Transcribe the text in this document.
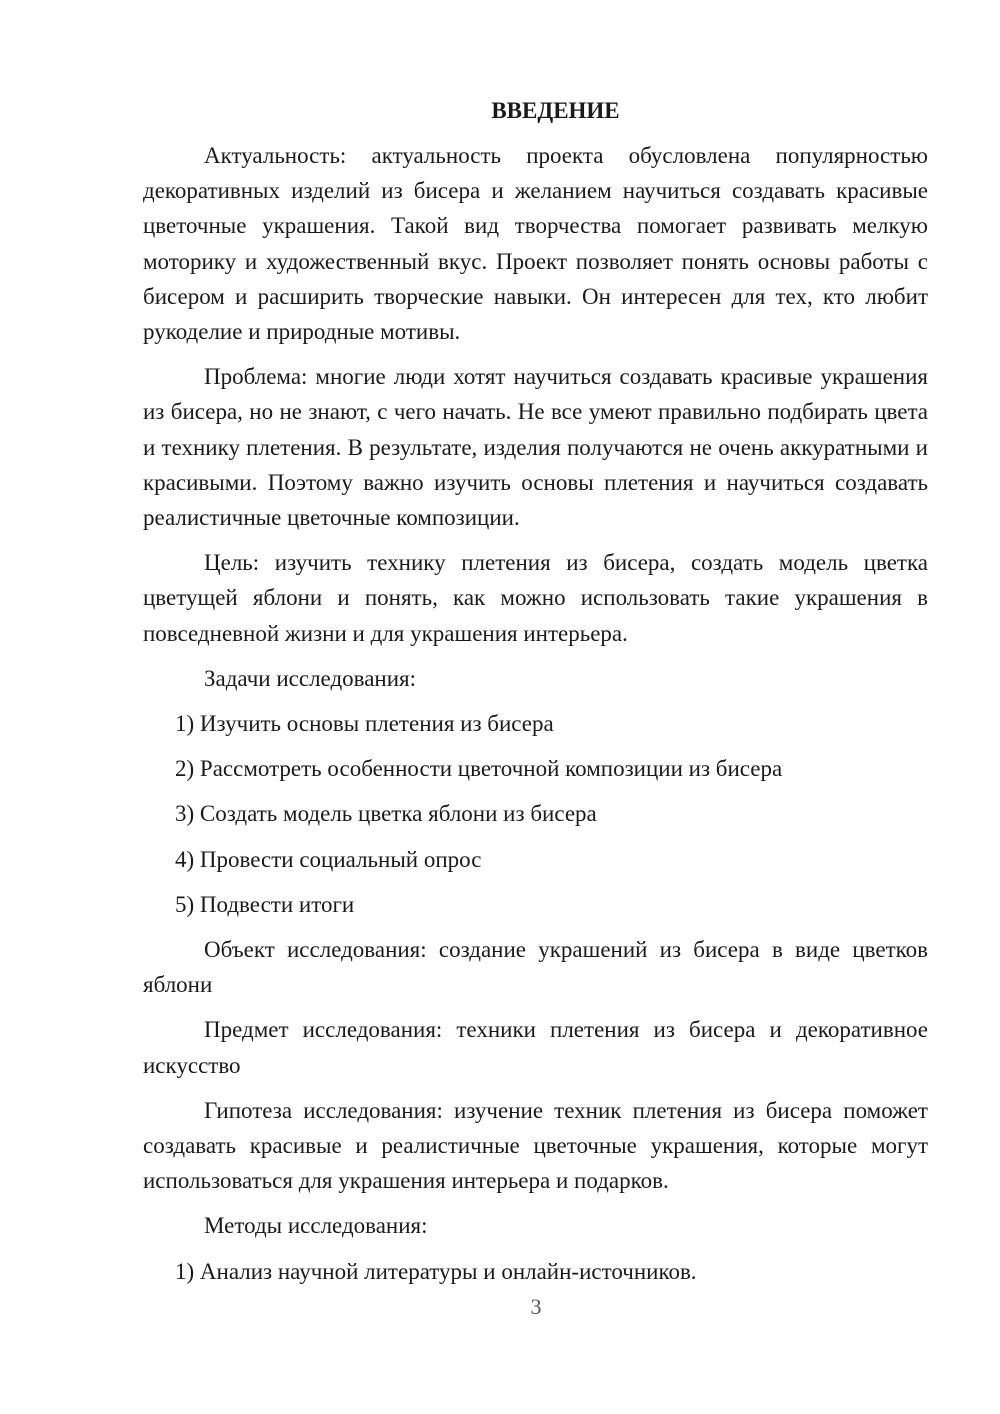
ВВЕДЕНИЕ

Актуальность: актуальность проекта обусловлена популярностью декоративных изделий из бисера и желанием научиться создавать красивые цветочные украшения. Такой вид творчества помогает развивать мелкую моторику и художественный вкус. Проект позволяет понять основы работы с бисером и расширить творческие навыки. Он интересен для тех, кто любит рукоделие и природные мотивы.

Проблема: многие люди хотят научиться создавать красивые украшения из бисера, но не знают, с чего начать. Не все умеют правильно подбирать цвета и технику плетения. В результате, изделия получаются не очень аккуратными и красивыми. Поэтому важно изучить основы плетения и научиться создавать реалистичные цветочные композиции.

Цель: изучить технику плетения из бисера, создать модель цветка цветущей яблони и понять, как можно использовать такие украшения в повседневной жизни и для украшения интерьера.

Задачи исследования:

1) Изучить основы плетения из бисера

2) Рассмотреть особенности цветочной композиции из бисера

3) Создать модель цветка яблони из бисера

4) Провести социальный опрос

5) Подвести итоги

Объект исследования: создание украшений из бисера в виде цветков яблони

Предмет исследования: техники плетения из бисера и декоративное искусство

Гипотеза исследования: изучение техник плетения из бисера поможет создавать красивые и реалистичные цветочные украшения, которые могут использоваться для украшения интерьера и подарков.

Методы исследования:

1) Анализ научной литературы и онлайн-источников.

3
